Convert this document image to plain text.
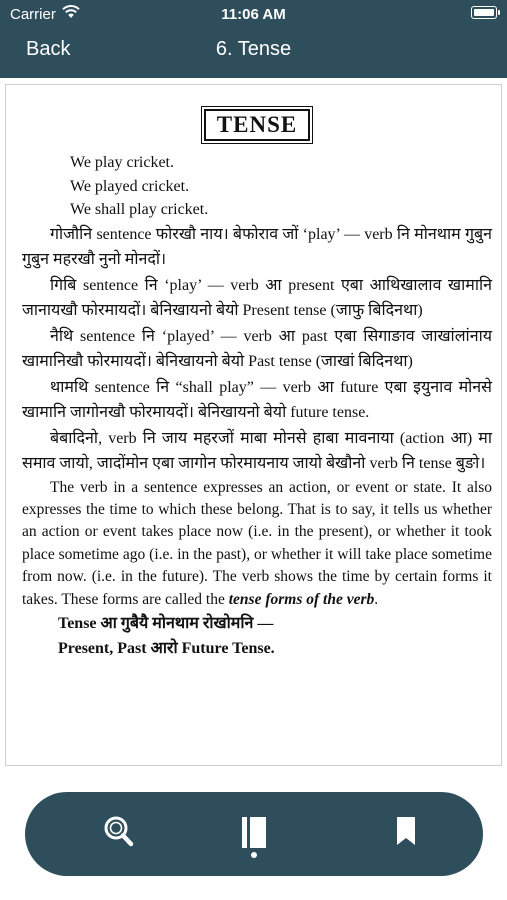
Carrier	11:06 AM
Back	6. Tense
TENSE

We play cricket.

We played cricket.

We shall play cricket.

गोजौनि sentence फोरखौ नाय। बेफोराव जों ‘play’ — verb नि मोनथाम गुबुन गुबुन महरखौ नुनो मोनदों।

गिबि sentence नि ‘play’ — verb आ present एबा आथिखालाव खामानि जानायखौ फोरमायदों। बेनिखायनो बेयो Present tense (जाफु बिदिनथा)

नैथि sentence नि ‘played’ — verb आ past एबा सिगाङाव जाखांलांनाय खामानिखौ फोरमायदों। बेनिखायनो बेयो Past tense (जाखां बिदिनथा)

थामथि sentence नि “shall play” — verb आ future एबा इयुनाव मोनसे खामानि जागोनखौ फोरमायदों। बेनिखायनो बेयो future tense.

बेबादिनो, verb नि जाय महरजों माबा मोनसे हाबा मावनाया (action आ) मा समाव जायो, जादोंमोन एबा जागोन फोरमायनाय जायो बेखौनो verb नि tense बुङो।

The verb in a sentence expresses an action, or event or state. It also expresses the time to which these belong. That is to say, it tells us whether an action or event takes place now (i.e. in the present), or whether it took place sometime ago (i.e. in the past), or whether it will take place sometime from now. (i.e. in the future). The verb shows the time by certain forms it takes. These forms are called the tense forms of the verb.

Tense आ गुबैयै मोनथाम रोखोमनि —

Present, Past आरो Future Tense.
